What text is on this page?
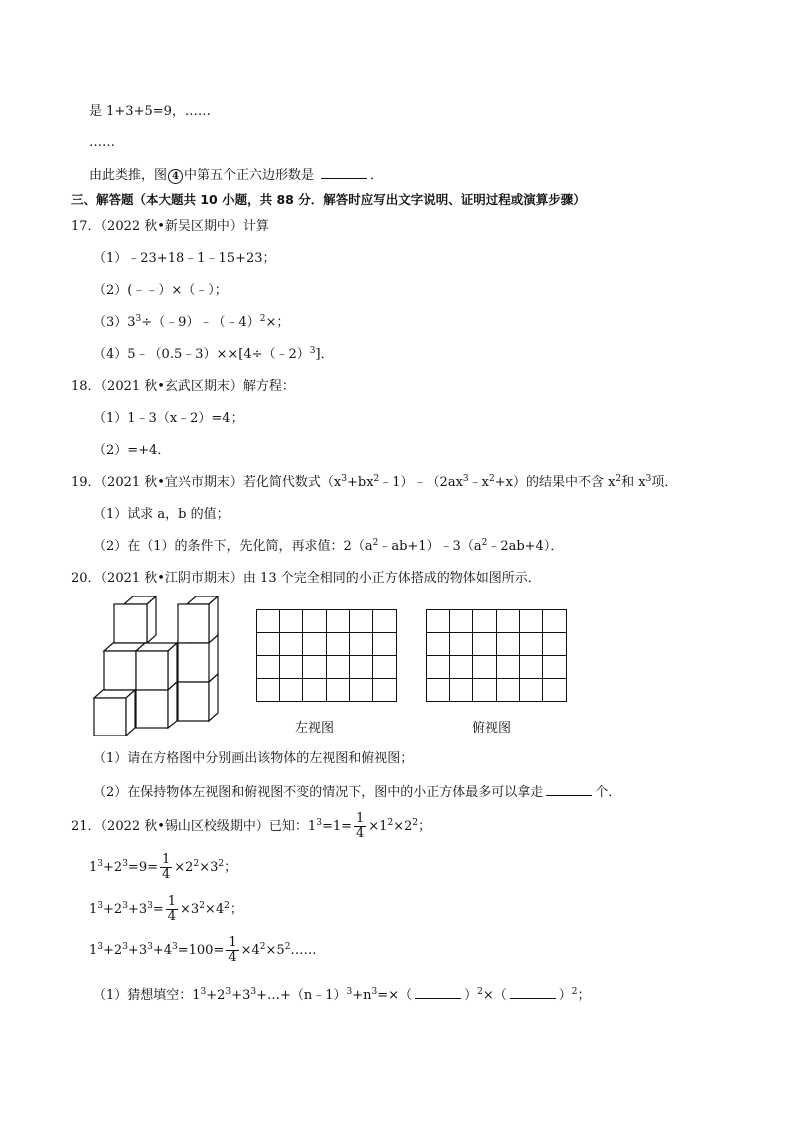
是 1+3+5=9，……
……
由此类推，图 4 中第五个正六边形数是	．
三、解答题（本大题共 10 小题，共 88 分．解答时应写出文字说明、证明过程或演算步骤）
17．（2022 秋•新吴区期中）计算
（1）﹣23+18﹣1﹣15+23；
（2）(﹣﹣）×（﹣）；
$(3)3^3\div(﹣9)﹣(﹣4)^2\times$；
（4）5﹣（0.5﹣3）××[4÷（﹣2）$^3$]．
18．（2021 秋•玄武区期末）解方程：
（1）1﹣3（x﹣2）=4；
（2）=+4．
19．（2021 秋•宜兴市期末）若化简代数式$(x^3+bx^2﹣1)﹣(2ax^3﹣x^2+x)$的结果中不含 $x^2$和 $x^3$项．
（1）试求 a，b 的值；
（2）在（1）的条件下，先化简，再求值：$2(a^2﹣ab+1)﹣3(a^2﹣2ab+4)$．
20．（2021 秋•江阴市期末）由 13 个完全相同的小正方体搭成的物体如图所示．
左视图	俯视图
（1）请在方格图中分别画出该物体的左视图和俯视图；
（2）在保持物体左视图和俯视图不变的情况下，图中的小正方体最多可以拿走	个．
21．（2022 秋•锡山区校级期中）已知：$1^3=1= \frac{1}{4} \times 1^2\times 2^2$；
$1^3+2^3=9= \frac{1}{4} \times 2^2\times 3^2$；
$1^3+2^3+3^3= \frac{1}{4} \times 3^2\times 4^2$；
$1^3+2^3+3^3+4^3=100= \frac{1}{4}$ $\times 4^2\times 5^2\dots\dots$
（1）猜想填空：$1^3+2^3+3^3+\dots+(n﹣1)^3+n^3=\times$（	）$^2$×（	）$^2$；
